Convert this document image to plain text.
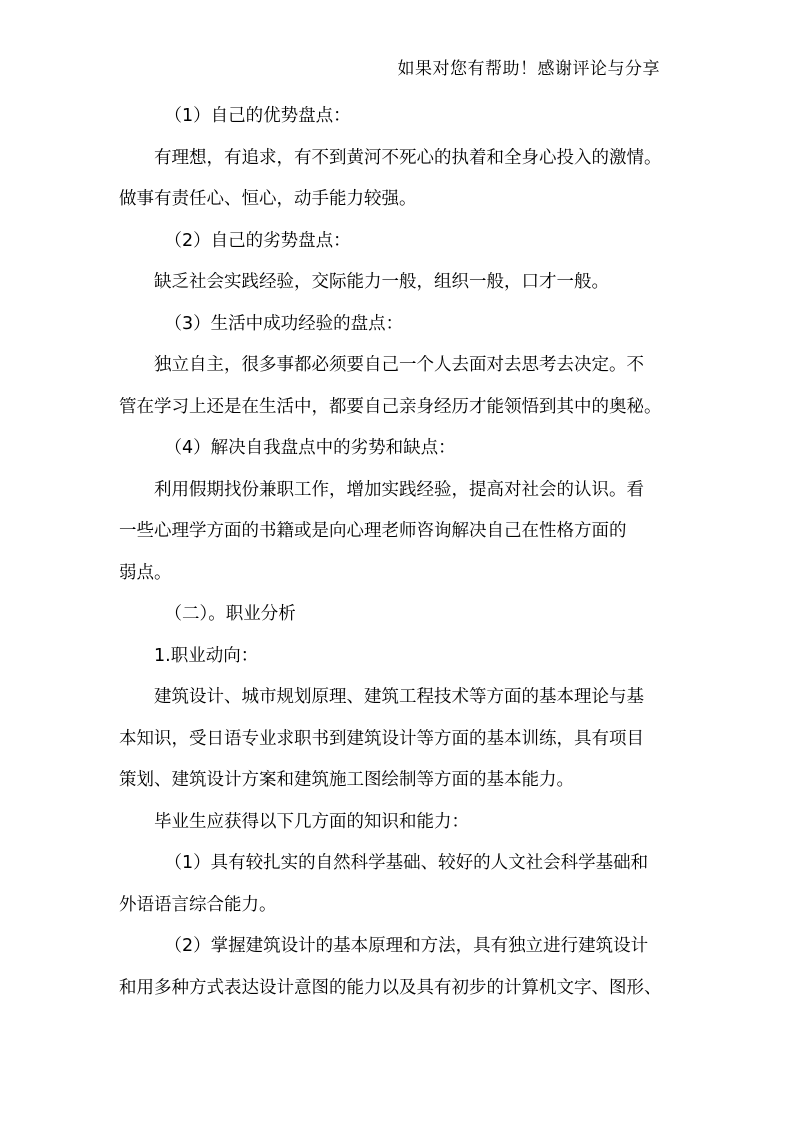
如果对您有帮助！感谢评论与分享

（1）自己的优势盘点：

有理想，有追求，有不到黄河不死心的执着和全身心投入的激情。

做事有责任心、恒心，动手能力较强。

（2）自己的劣势盘点：

缺乏社会实践经验，交际能力一般，组织一般，口才一般。

（3）生活中成功经验的盘点：

独立自主，很多事都必须要自己一个人去面对去思考去决定。不

管在学习上还是在生活中，都要自己亲身经历才能领悟到其中的奥秘。

（4）解决自我盘点中的劣势和缺点：

利用假期找份兼职工作，增加实践经验，提高对社会的认识。看

一些心理学方面的书籍或是向心理老师咨询解决自己在性格方面的

弱点。

（二）。职业分析

1.职业动向：

建筑设计、城市规划原理、建筑工程技术等方面的基本理论与基

本知识，受日语专业求职书到建筑设计等方面的基本训练，具有项目

策划、建筑设计方案和建筑施工图绘制等方面的基本能力。

毕业生应获得以下几方面的知识和能力：

（1）具有较扎实的自然科学基础、较好的人文社会科学基础和

外语语言综合能力。

（2）掌握建筑设计的基本原理和方法，具有独立进行建筑设计

和用多种方式表达设计意图的能力以及具有初步的计算机文字、图形、
